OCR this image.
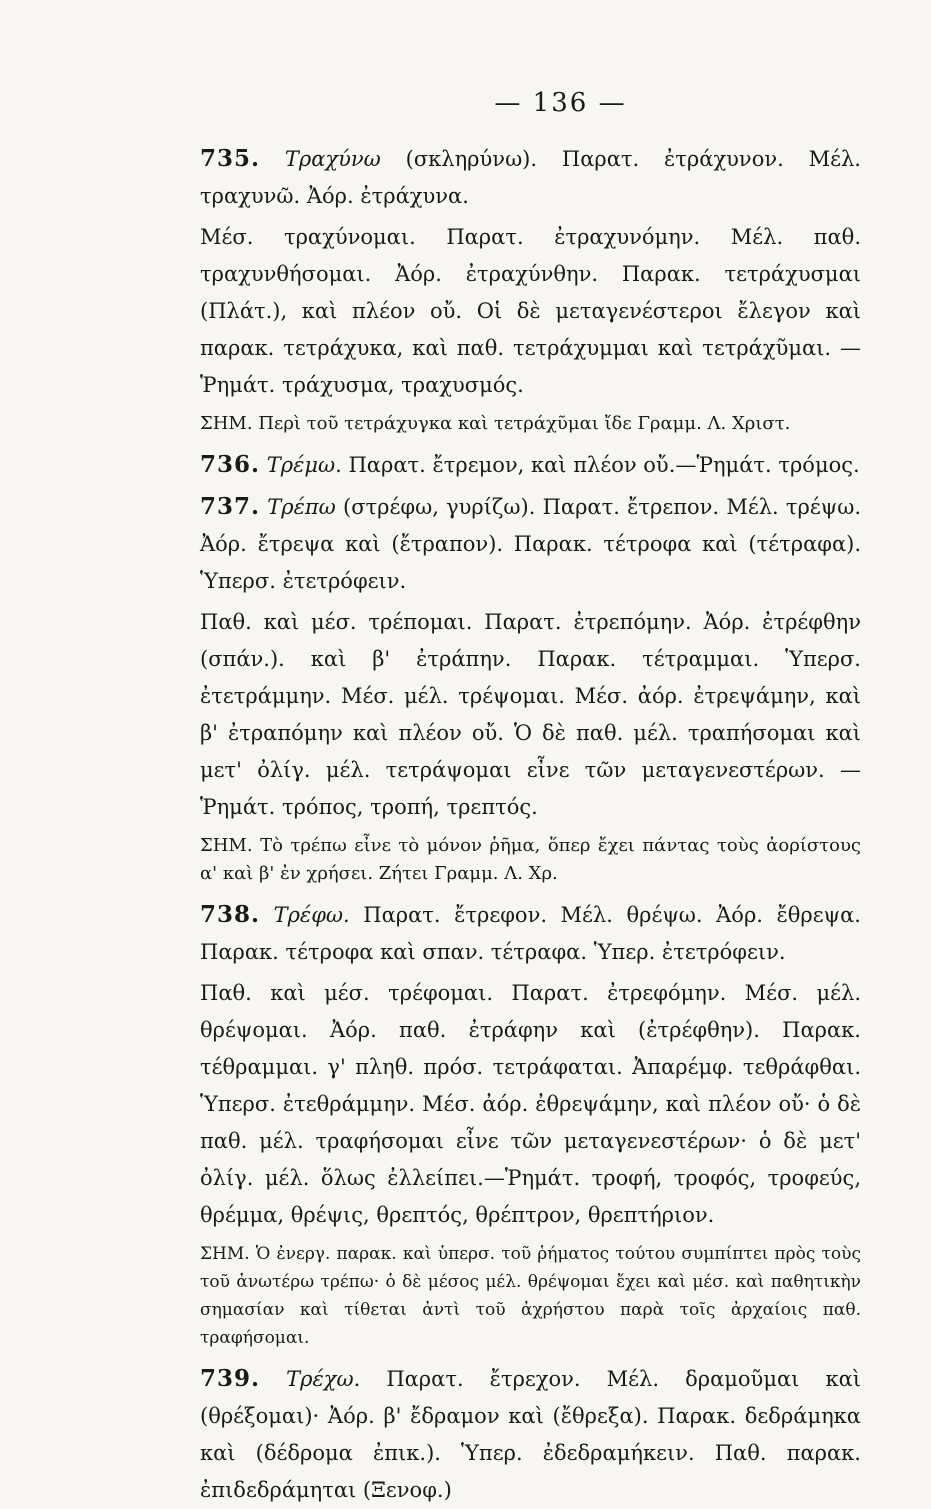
— 136 —
735. Τραχύνω (σκληρύνω). Παρατ. ἐτράχυνον. Μέλ. τραχυνῶ. Ἀόρ. ἐτράχυνα.
Μέσ. τραχύνομαι. Παρατ. ἐτραχυνόμην. Μέλ. παθ. τραχυνθήσομαι. Ἀόρ. ἐτραχύνθην. Παρακ. τετράχυσμαι (Πλάτ.), καὶ πλέον οὔ. Οἱ δὲ μεταγενέστεροι ἔλεγον καὶ παρακ. τετράχυκα, καὶ παθ. τετράχυμμαι καὶ τετράχῦμαι. — Ῥημάτ. τράχυσμα, τραχυσμός.
ΣΗΜ. Περὶ τοῦ τετράχυγκα καὶ τετράχῦμαι ἴδε Γραμμ. Λ. Χριστ.
736. Τρέμω. Παρατ. ἔτρεμον, καὶ πλέον οὔ.—Ῥημάτ. τρόμος.
737. Τρέπω (στρέφω, γυρίζω). Παρατ. ἔτρεπον. Μέλ. τρέψω. Ἀόρ. ἔτρεψα καὶ (ἔτραπον). Παρακ. τέτροφα καὶ (τέτραφα). Ὑπερσ. ἐτετρόφειν.
Παθ. καὶ μέσ. τρέπομαι. Παρατ. ἐτρεπόμην. Ἀόρ. ἐτρέφθην (σπάν.). καὶ β' ἐτράπην. Παρακ. τέτραμμαι. Ὑπερσ. ἐτετράμμην. Μέσ. μέλ. τρέψομαι. Μέσ. ἀόρ. ἐτρεψάμην, καὶ β' ἐτραπόμην καὶ πλέον οὔ. Ὁ δὲ παθ. μέλ. τραπήσομαι καὶ μετ' ὀλίγ. μέλ. τετράψομαι εἶνε τῶν μεταγενεστέρων. — Ῥημάτ. τρόπος, τροπή, τρεπτός.
ΣΗΜ. Τὸ τρέπω εἶνε τὸ μόνον ῥῆμα, ὅπερ ἔχει πάντας τοὺς ἀορίστους α' καὶ β' ἐν χρήσει. Ζήτει Γραμμ. Λ. Χρ.
738. Τρέφω. Παρατ. ἔτρεφον. Μέλ. θρέψω. Ἀόρ. ἔθρεψα. Παρακ. τέτροφα καὶ σπαν. τέτραφα. Ὑπερ. ἐτετρόφειν.
Παθ. καὶ μέσ. τρέφομαι. Παρατ. ἐτρεφόμην. Μέσ. μέλ. θρέψομαι. Ἀόρ. παθ. ἐτράφην καὶ (ἐτρέφθην). Παρακ. τέθραμμαι. γ' πληθ. πρόσ. τετράφαται. Ἀπαρέμφ. τεθράφθαι. Ὑπερσ. ἐτεθράμμην. Μέσ. ἀόρ. ἐθρεψάμην, καὶ πλέον οὔ· ὁ δὲ παθ. μέλ. τραφήσομαι εἶνε τῶν μεταγενεστέρων· ὁ δὲ μετ' ὀλίγ. μέλ. ὅλως ἐλλείπει.—Ῥημάτ. τροφή, τροφός, τροφεύς, θρέμμα, θρέψις, θρεπτός, θρέπτρον, θρεπτήριον.
ΣΗΜ. Ὁ ἐνεργ. παρακ. καὶ ὑπερσ. τοῦ ῥήματος τούτου συμπίπτει πρὸς τοὺς τοῦ ἀνωτέρω τρέπω· ὁ δὲ μέσος μέλ. θρέψομαι ἔχει καὶ μέσ. καὶ παθητικὴν σημασίαν καὶ τίθεται ἀντὶ τοῦ ἀχρήστου παρὰ τοῖς ἀρχαίοις παθ. τραφήσομαι.
739. Τρέχω. Παρατ. ἔτρεχον. Μέλ. δραμοῦμαι καὶ (θρέξομαι)· Ἀόρ. β' ἔδραμον καὶ (ἔθρεξα). Παρακ. δεδράμηκα καὶ (δέδρομα ἐπικ.). Ὑπερ. ἐδεδραμήκειν. Παθ. παρακ. ἐπιδεδράμηται (Ξενοφ.)
